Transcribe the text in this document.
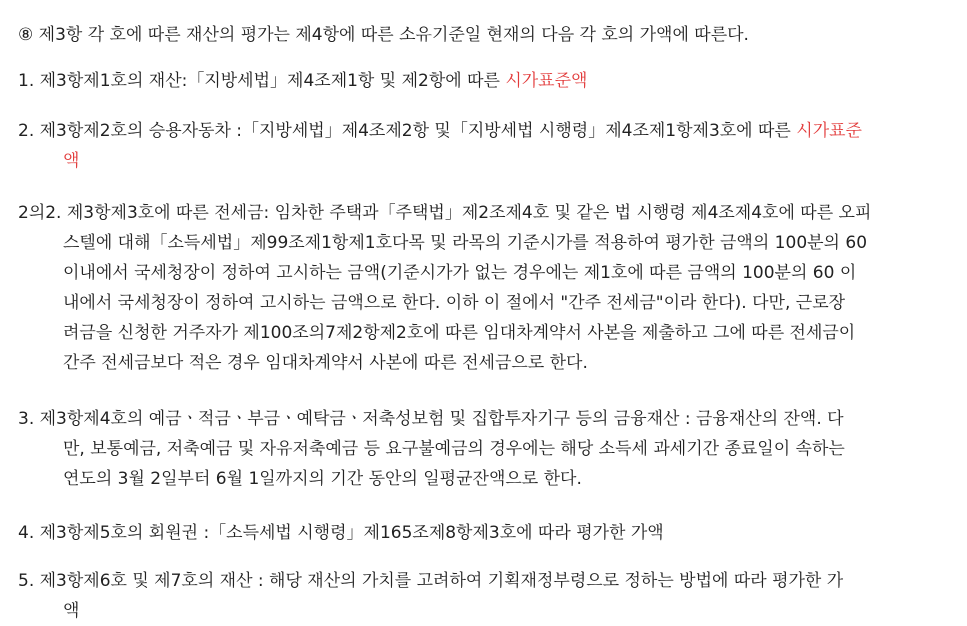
⑧ 제3항 각 호에 따른 재산의 평가는 제4항에 따른 소유기준일 현재의 다음 각 호의 가액에 따른다.
1. 제3항제1호의 재산:「지방세법」제4조제1항 및 제2항에 따른 시가표준액
2. 제3항제2호의 승용자동차 :「지방세법」제4조제2항 및「지방세법 시행령」제4조제1항제3호에 따른 시가표준
액
2의2. 제3항제3호에 따른 전세금: 임차한 주택과「주택법」제2조제4호 및 같은 법 시행령 제4조제4호에 따른 오피
스텔에 대해「소득세법」제99조제1항제1호다목 및 라목의 기준시가를 적용하여 평가한 금액의 100분의 60
이내에서 국세청장이 정하여 고시하는 금액(기준시가가 없는 경우에는 제1호에 따른 금액의 100분의 60 이
내에서 국세청장이 정하여 고시하는 금액으로 한다. 이하 이 절에서 "간주 전세금"이라 한다). 다만, 근로장
려금을 신청한 거주자가 제100조의7제2항제2호에 따른 임대차계약서 사본을 제출하고 그에 따른 전세금이
간주 전세금보다 적은 경우 임대차계약서 사본에 따른 전세금으로 한다.
3. 제3항제4호의 예금ㆍ적금ㆍ부금ㆍ예탁금ㆍ저축성보험 및 집합투자기구 등의 금융재산 : 금융재산의 잔액. 다
만, 보통예금, 저축예금 및 자유저축예금 등 요구불예금의 경우에는 해당 소득세 과세기간 종료일이 속하는
연도의 3월 2일부터 6월 1일까지의 기간 동안의 일평균잔액으로 한다.
4. 제3항제5호의 회원권 :「소득세법 시행령」제165조제8항제3호에 따라 평가한 가액
5. 제3항제6호 및 제7호의 재산 : 해당 재산의 가치를 고려하여 기획재정부령으로 정하는 방법에 따라 평가한 가
액
